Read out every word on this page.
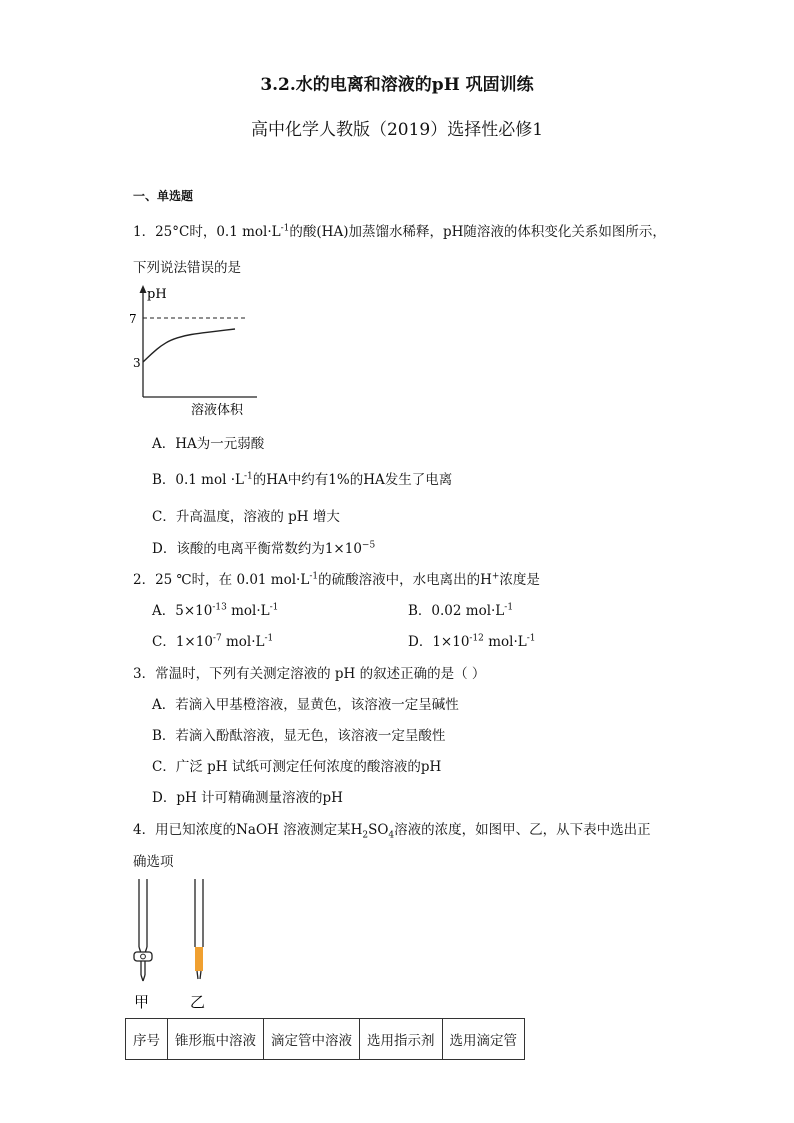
3.2.水的电离和溶液的pH 巩固训练
高中化学人教版（2019）选择性必修1
一、单选题
1．25°C时，0.1 $mol\cdot L^{-1}$的酸(HA)加蒸馏水稀释，pH随溶液的体积变化关系如图所示，
下列说法错误的是
pH
7
3
溶液体积
A．HA为一元弱酸
B．0.1 mol $\cdot L^{-1}$的HA中约有1%的HA发生了电离
C．升高温度，溶液的 pH 增大
D．该酸的电离平衡常数约为$1\times 10^{-5}$
2．25 ℃时，在 0.01 $mol\cdot L^{-1}$的硫酸溶液中，水电离出的H+浓度是
A．$5\times 10^{-13}$ $mol\cdot L^{-1}$	B．0.02 $mol\cdot L^{-1}$
C．$1\times 10^{-7}$ $mol\cdot L^{-1}$	D．$1\times 10^{-12}$ $mol\cdot L^{-1}$
3．常温时，下列有关测定溶液的 pH 的叙述正确的是（ ）
A．若滴入甲基橙溶液，显黄色，该溶液一定呈碱性
B．若滴入酚酞溶液，显无色，该溶液一定呈酸性
C．广泛 pH 试纸可测定任何浓度的酸溶液的pH
D．pH 计可精确测量溶液的pH
4．用已知浓度的NaOH 溶液测定某$H_2SO_4$溶液的浓度，如图甲、乙，从下表中选出正
确选项
甲	乙
序号	锥形瓶中溶液	滴定管中溶液	选用指示剂	选用滴定管
